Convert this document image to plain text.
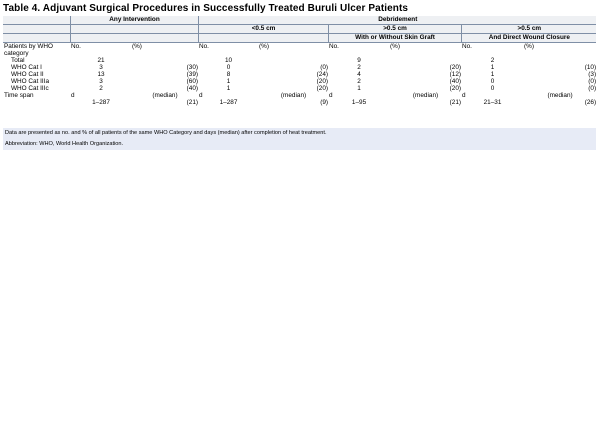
Table 4. Adjuvant Surgical Procedures in Successfully Treated Buruli Ulcer Patients
	Any Intervention		Debridement					
			<0.5 cm		>0.5 cm		>0.5 cm	
					With or Without Skin Graft		And Direct Wound Closure	
Patients by WHO category	No.	(%)	No.	(%)	No.	(%)	No.	(%)
Total	21		10		9		2	
WHO Cat I	3	(30)	0	(0)	2	(20)	1	(10)
WHO Cat II	13	(39)	8	(24)	4	(12)	1	(3)
WHO Cat IIIa	3	(60)	1	(20)	2	(40)	0	(0)
WHO Cat IIIc	2	(40)	1	(20)	1	(20)	0	(0)
Time span	d	(median)	d	(median)	d	(median)	d	(median)
	1–287	(21)	1–287	(9)	1–95	(21)	21–31	(26)
Data are presented as no. and % of all patients of the same WHO Category and days (median) after completion of heat treatment.
Abbreviation: WHO, World Health Organization.
